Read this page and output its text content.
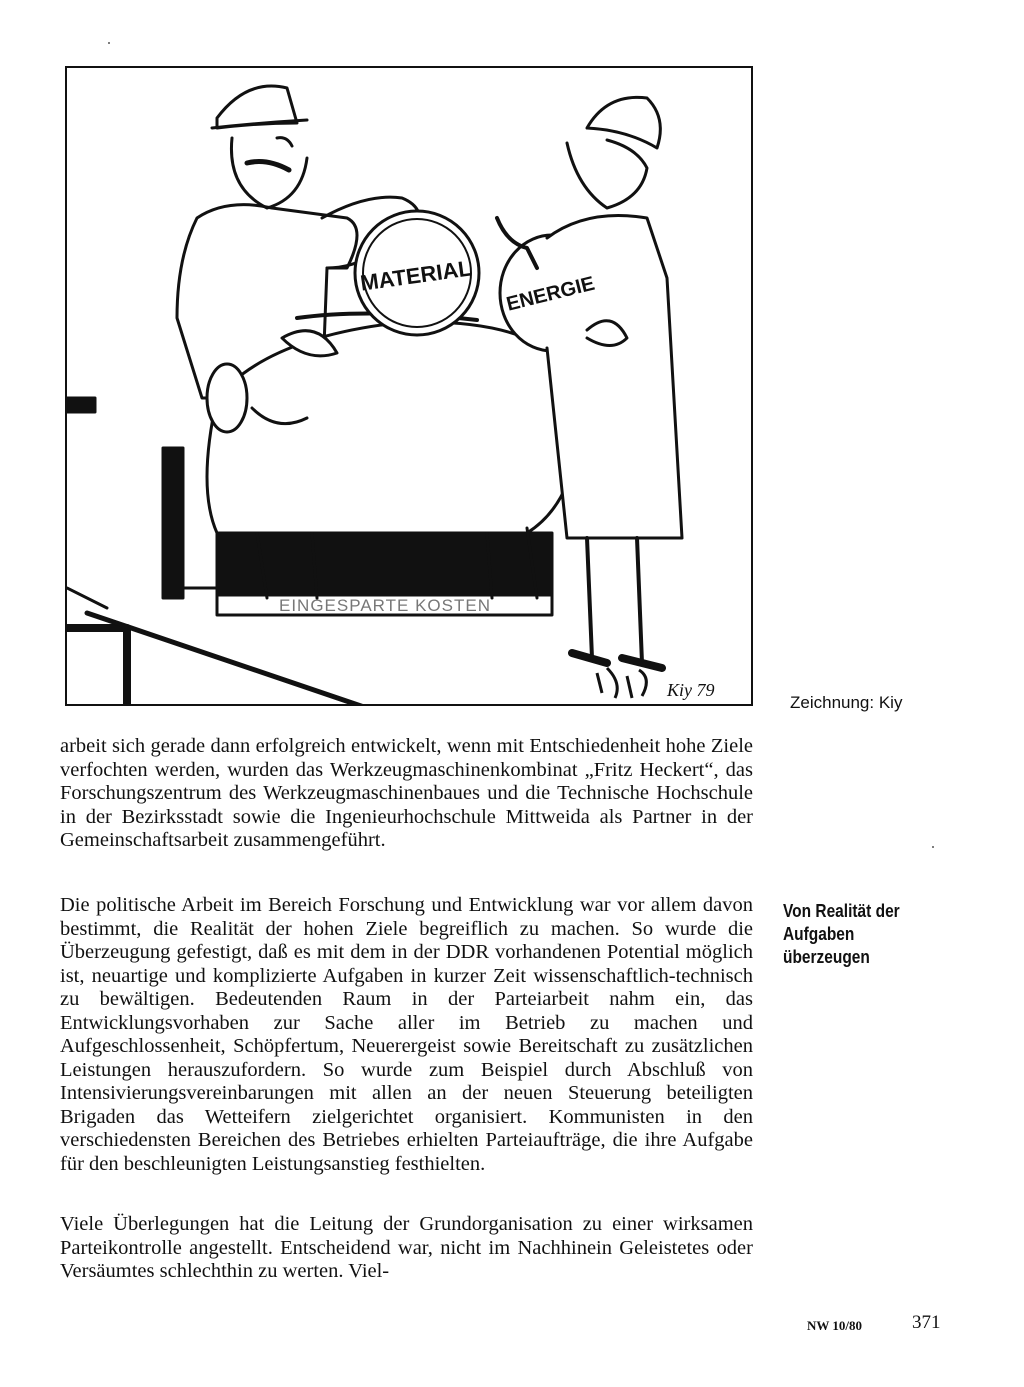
MATERIAL ENERGIE
EINGESPARTE KOSTEN
Kiy 79
Zeichnung: Kiy

arbeit sich gerade dann erfolgreich entwickelt, wenn mit Entschiedenheit hohe Ziele verfochten werden, wurden das Werkzeugmaschinenkombinat „Fritz Heckert“, das Forschungszentrum des Werkzeugmaschinenbaues und die Technische Hochschule in der Bezirksstadt sowie die Ingenieurhochschule Mittweida als Partner in der Gemeinschaftsarbeit zusammengeführt.

Die politische Arbeit im Bereich Forschung und Entwicklung war vor allem davon bestimmt, die Realität der hohen Ziele begreiflich zu machen. So wurde die Überzeugung gefestigt, daß es mit dem in der DDR vorhandenen Potential möglich ist, neuartige und komplizierte Aufgaben in kurzer Zeit wissenschaftlich-technisch zu bewältigen. Bedeutenden Raum in der Parteiarbeit nahm ein, das Entwicklungsvorhaben zur Sache aller im Betrieb zu machen und Aufgeschlossenheit, Schöpfertum, Neuerergeist sowie Bereitschaft zu zusätzlichen Leistungen herauszufordern. So wurde zum Beispiel durch Abschluß von Intensivierungsvereinbarungen mit allen an der neuen Steuerung beteiligten Brigaden das Wetteifern zielgerichtet organisiert. Kommunisten in den verschiedensten Bereichen des Betriebes erhielten Parteiaufträge, die ihre Aufgabe für den beschleunigten Leistungsanstieg festhielten.

Viele Überlegungen hat die Leitung der Grundorganisation zu einer wirksamen Parteikontrolle angestellt. Entscheidend war, nicht im Nachhinein Geleistetes oder Versäumtes schlechthin zu werten. Viel-

Von Realität der
Aufgaben
überzeugen
NW 10/80	371
